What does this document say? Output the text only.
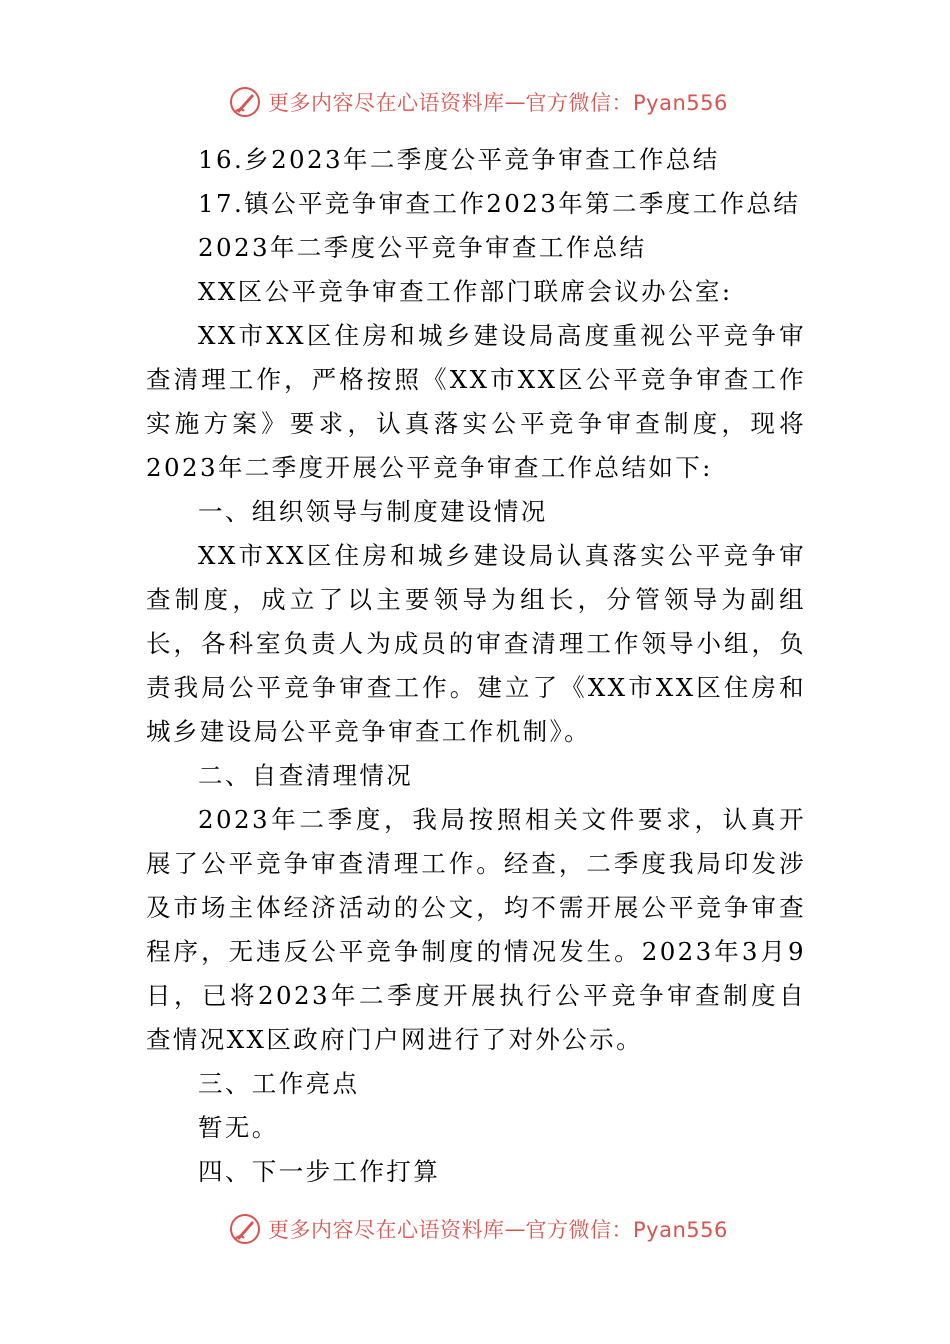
更多内容尽在心语资料库 — 官方微信：Pyan556
16.乡2023年二季度公平竞争审查工作总结
17.镇公平竞争审查工作2023年第二季度工作总结
2023年二季度公平竞争审查工作总结
XX区公平竞争审查工作部门联席会议办公室:
XX市XX区住房和城乡建设局高度重视公平竞争审查清理工作，严格按照《XX市XX区公平竞争审查工作实施方案》要求，认真落实公平竞争审查制度，现将2023年二季度开展公平竞争审查工作总结如下:
一、组织领导与制度建设情况
XX市XX区住房和城乡建设局认真落实公平竞争审查制度，成立了以主要领导为组长，分管领导为副组长，各科室负责人为成员的审查清理工作领导小组，负责我局公平竞争审查工作。建立了《XX市XX区住房和城乡建设局公平竞争审查工作机制》。
二、自查清理情况
2023年二季度，我局按照相关文件要求，认真开展了公平竞争审查清理工作。经查，二季度我局印发涉及市场主体经济活动的公文，均不需开展公平竞争审查程序，无违反公平竞争制度的情况发生。2023年3月9日，已将2023年二季度开展执行公平竞争审查制度自查情况XX区政府门户网进行了对外公示。
三、工作亮点
暂无。
四、下一步工作打算
更多内容尽在心语资料库 — 官方微信：Pyan556
